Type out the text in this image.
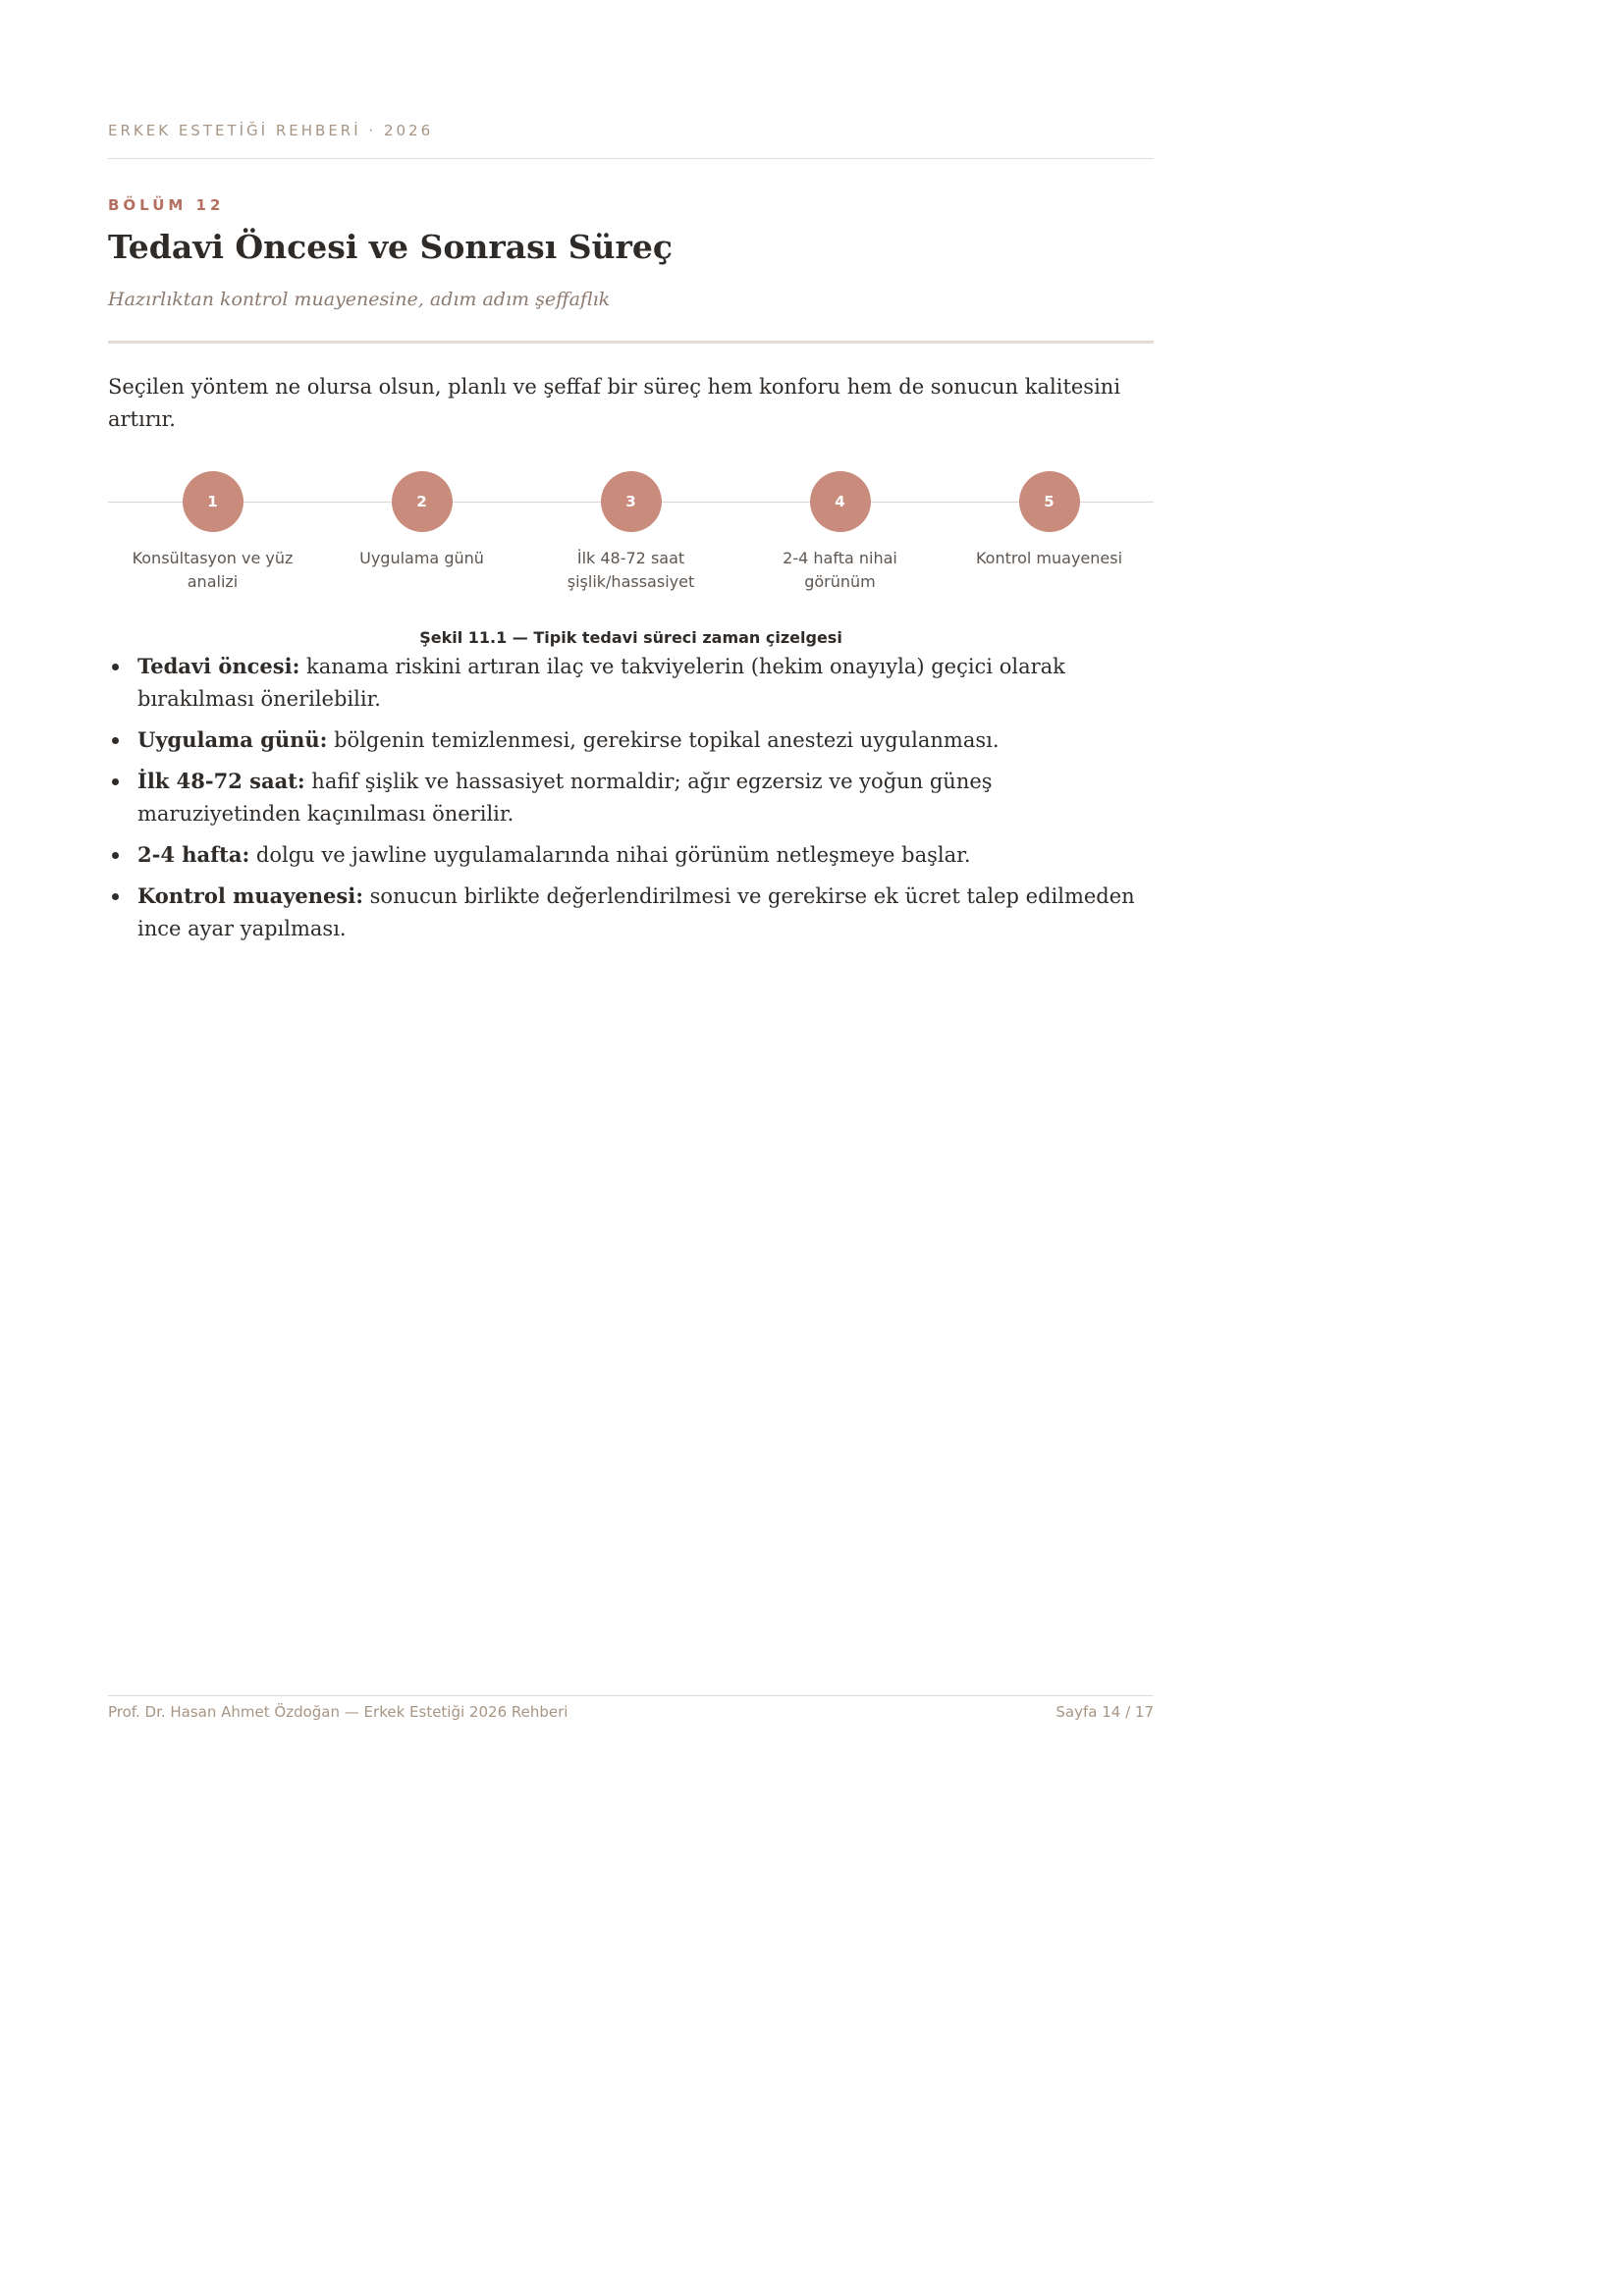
ERKEK ESTETİĞİ REHBERİ · 2026
BÖLÜM 12
Tedavi Öncesi ve Sonrası Süreç
Hazırlıktan kontrol muayenesine, adım adım şeffaflık

Seçilen yöntem ne olursa olsun, planlı ve şeffaf bir süreç hem konforu hem de sonucun kalitesini artırır.

1
Konsültasyon ve yüz analizi
2
Uygulama günü
3
İlk 48-72 saat şişlik/hassasiyet
4
2-4 hafta nihai görünüm
5
Kontrol muayenesi
Şekil 11.1 — Tipik tedavi süreci zaman çizelgesi
Tedavi öncesi: kanama riskini artıran ilaç ve takviyelerin (hekim onayıyla) geçici olarak bırakılması önerilebilir.
Uygulama günü: bölgenin temizlenmesi, gerekirse topikal anestezi uygulanması.
İlk 48-72 saat: hafif şişlik ve hassasiyet normaldir; ağır egzersiz ve yoğun güneş maruziyetinden kaçınılması önerilir.
2-4 hafta: dolgu ve jawline uygulamalarında nihai görünüm netleşmeye başlar.
Kontrol muayenesi: sonucun birlikte değerlendirilmesi ve gerekirse ek ücret talep edilmeden ince ayar yapılması.
Prof. Dr. Hasan Ahmet Özdoğan — Erkek Estetiği 2026 Rehberi	Sayfa 14 / 17
